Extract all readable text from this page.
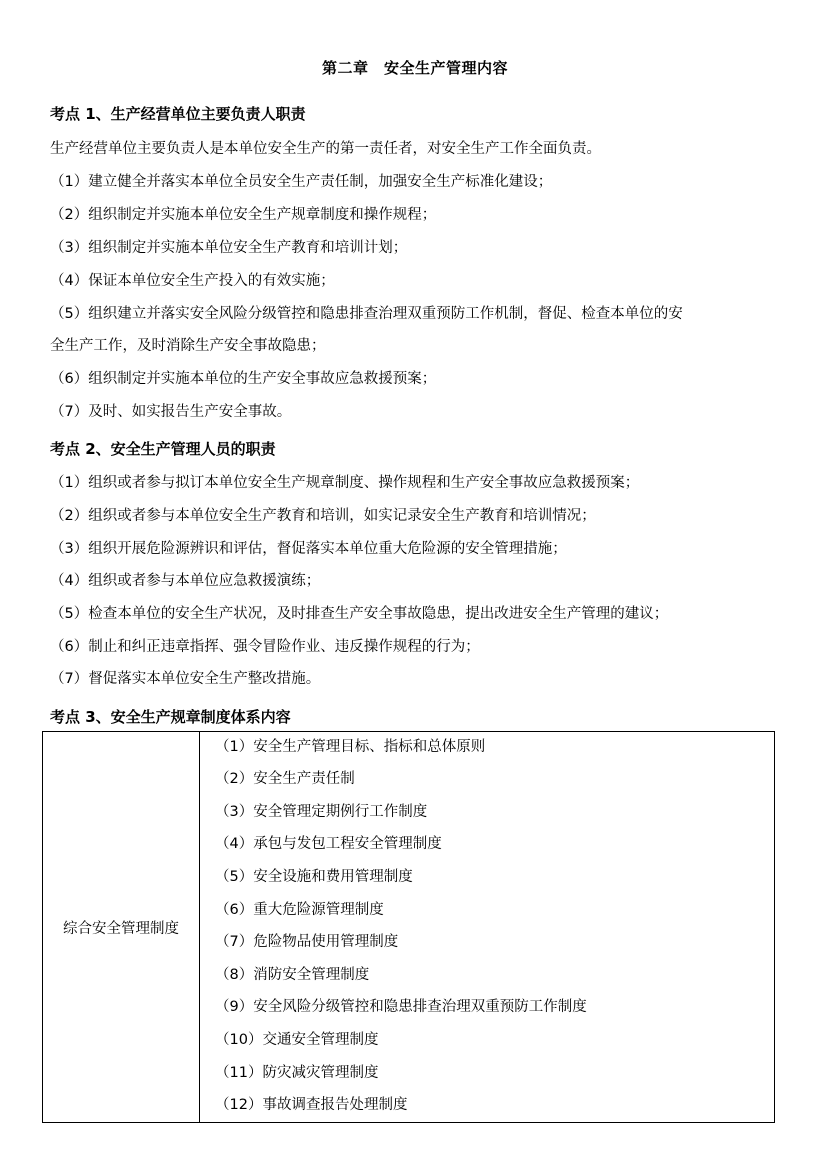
第二章　安全生产管理内容
考点 1、生产经营单位主要负责人职责
生产经营单位主要负责人是本单位安全生产的第一责任者，对安全生产工作全面负责。
（1）建立健全并落实本单位全员安全生产责任制，加强安全生产标准化建设；
（2）组织制定并实施本单位安全生产规章制度和操作规程；
（3）组织制定并实施本单位安全生产教育和培训计划；
（4）保证本单位安全生产投入的有效实施；
（5）组织建立并落实安全风险分级管控和隐患排查治理双重预防工作机制，督促、检查本单位的安
全生产工作，及时消除生产安全事故隐患；
（6）组织制定并实施本单位的生产安全事故应急救援预案；
（7）及时、如实报告生产安全事故。
考点 2、安全生产管理人员的职责
（1）组织或者参与拟订本单位安全生产规章制度、操作规程和生产安全事故应急救援预案；
（2）组织或者参与本单位安全生产教育和培训，如实记录安全生产教育和培训情况；
（3）组织开展危险源辨识和评估，督促落实本单位重大危险源的安全管理措施；
（4）组织或者参与本单位应急救援演练；
（5）检查本单位的安全生产状况，及时排查生产安全事故隐患，提出改进安全生产管理的建议；
（6）制止和纠正违章指挥、强令冒险作业、违反操作规程的行为；
（7）督促落实本单位安全生产整改措施。
考点 3、安全生产规章制度体系内容
综合安全管理制度
（1）安全生产管理目标、指标和总体原则
（2）安全生产责任制
（3）安全管理定期例行工作制度
（4）承包与发包工程安全管理制度
（5）安全设施和费用管理制度
（6）重大危险源管理制度
（7）危险物品使用管理制度
（8）消防安全管理制度
（9）安全风险分级管控和隐患排查治理双重预防工作制度
（10）交通安全管理制度
（11）防灾减灾管理制度
（12）事故调查报告处理制度
